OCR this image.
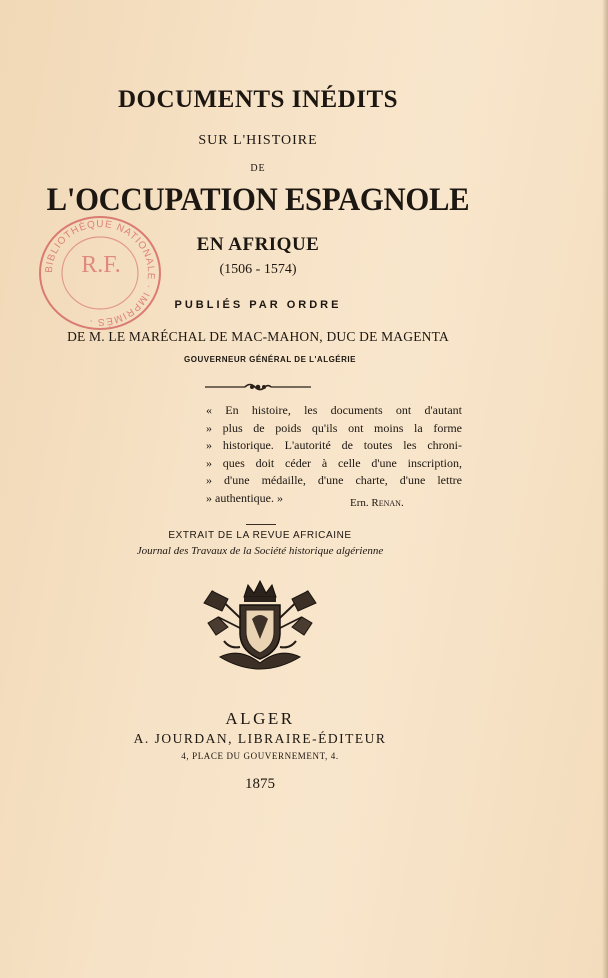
DOCUMENTS INÉDITS
SUR L'HISTOIRE
DE
L'OCCUPATION ESPAGNOLE
EN AFRIQUE
(1506 - 1574)
PUBLIÉS PAR ORDRE
DE M. LE MARÉCHAL DE MAC-MAHON, DUC DE MAGENTA
GOUVERNEUR GÉNÉRAL DE L'ALGÉRIE
BIBLIOTHÈQUE NATIONALE · IMPRIMÉS ·
R.F.
« En histoire, les documents ont d'autant
» plus de poids qu'ils ont moins la forme
» historique. L'autorité de toutes les chroni-
» ques doit céder à celle d'une inscription,
» d'une médaille, d'une charte, d'une lettre
» authentique. »	Ern. Renan.
EXTRAIT DE LA REVUE AFRICAINE
Journal des Travaux de la Société historique algérienne
ALGER
A. JOURDAN, LIBRAIRE-ÉDITEUR
4, PLACE DU GOUVERNEMENT, 4.
1875
